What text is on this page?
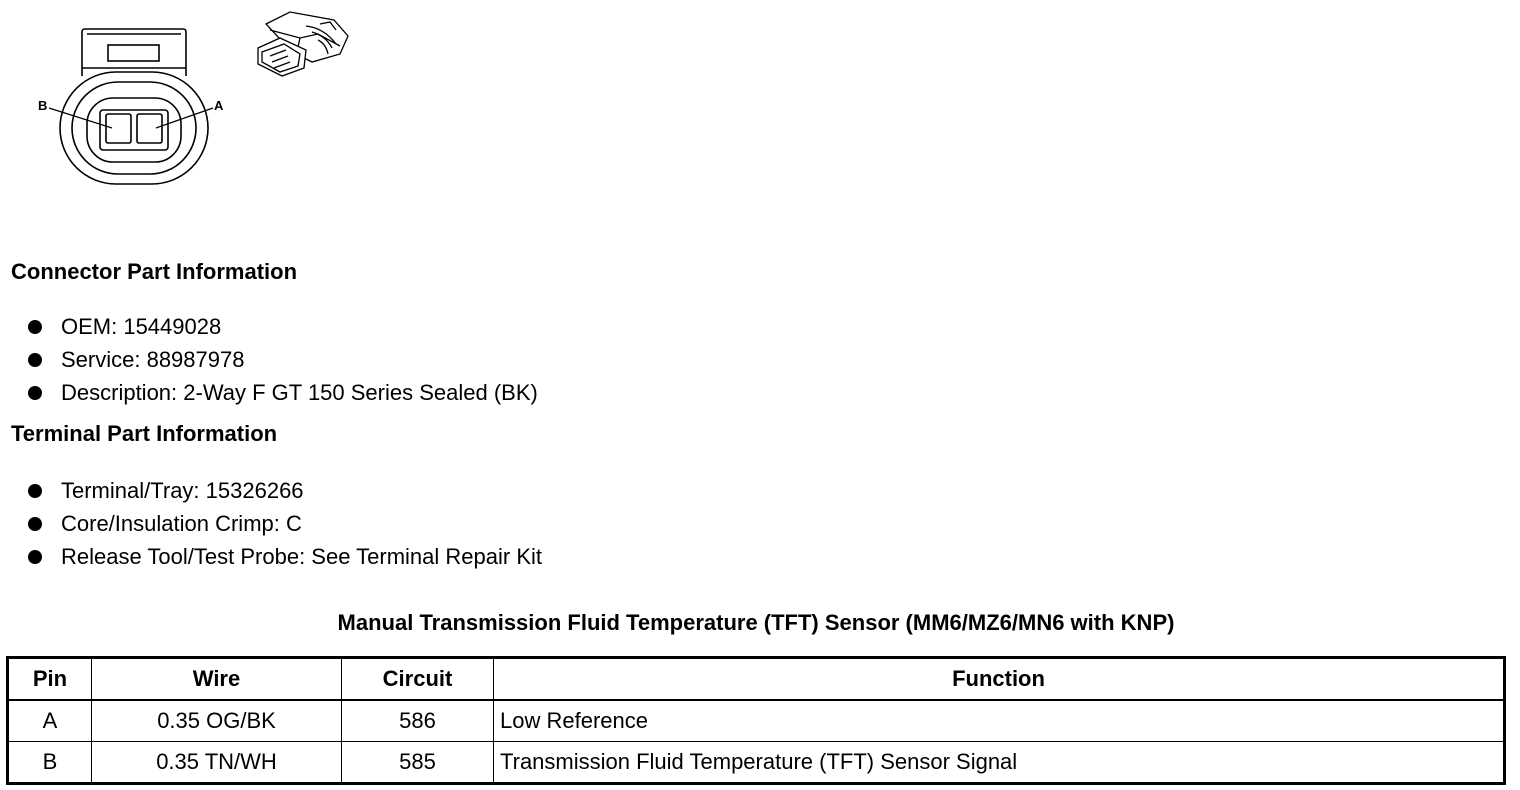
B	A
Connector Part Information
OEM: 15449028
Service: 88987978
Description: 2-Way F GT 150 Series Sealed (BK)
Terminal Part Information
Terminal/Tray: 15326266
Core/Insulation Crimp: C
Release Tool/Test Probe: See Terminal Repair Kit
Manual Transmission Fluid Temperature (TFT) Sensor (MM6/MZ6/MN6 with KNP)
Pin	Wire	Circuit	Function
A	0.35 OG/BK	586	Low Reference
B	0.35 TN/WH	585	Transmission Fluid Temperature (TFT) Sensor Signal
